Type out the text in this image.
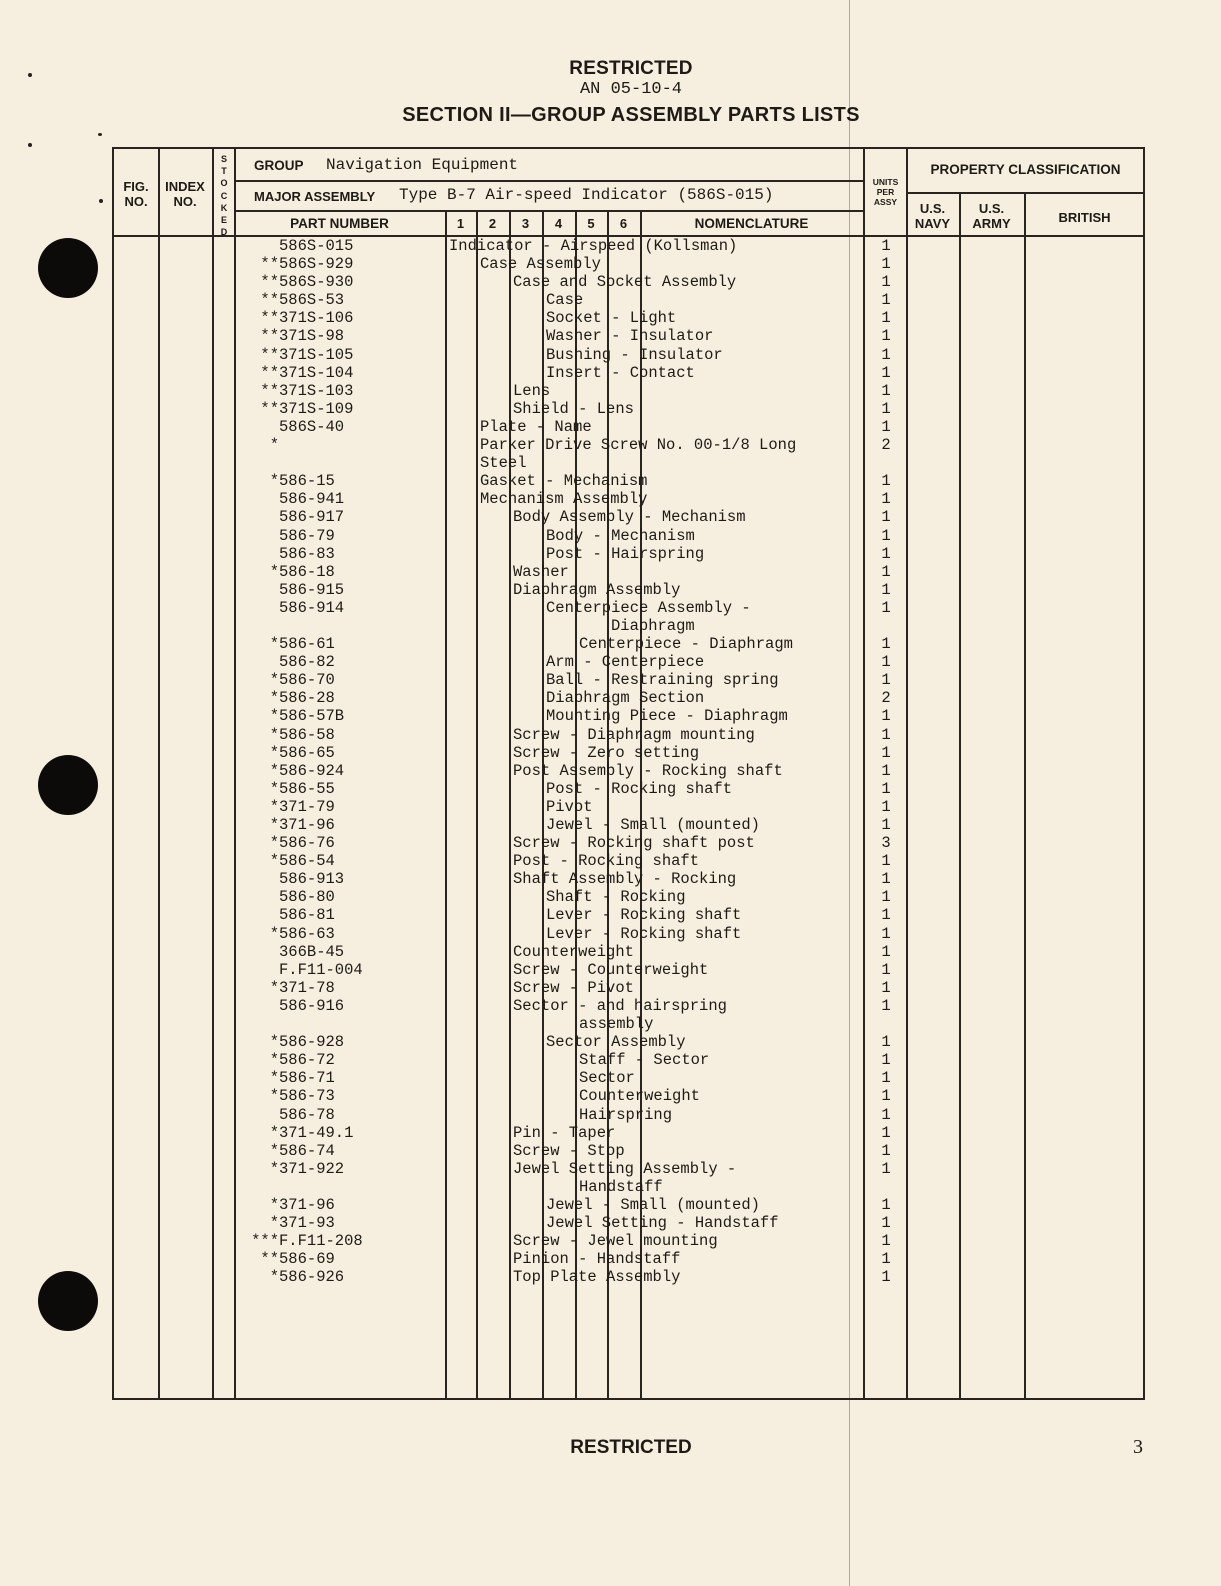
RESTRICTED
AN 05-10-4
SECTION II—GROUP ASSEMBLY PARTS LISTS
FIG. NO.
INDEX NO.
S
T
O
C
K
E
D
GROUP Navigation Equipment
MAJOR ASSEMBLY Type B-7 Air-speed Indicator (586S-015)
PART NUMBER	1	2	3	4	5	6	NOMENCLATURE
UNITS
PER
ASSY
PROPERTY CLASSIFICATION
U.S.
NAVY
U.S.
ARMY	BRITISH
586S-015	Indicator - Airspeed (Kollsman)	1
**586S-929	Case Assembly	1
**586S-930	Case and Socket Assembly	1
**586S-53	Case	1
**371S-106	Socket - Light	1
**371S-98	Washer - Insulator	1
**371S-105	Bushing - Insulator	1
**371S-104	Insert - Contact	1
**371S-103	Lens	1
**371S-109	Shield - Lens	1
586S-40	Plate - Name	1
*	Parker Drive Screw No. 00-1/8 Long	2
Steel
*586-15	Gasket - Mechanism	1
586-941	Mechanism Assembly	1
586-917	Body Assembly - Mechanism	1
586-79	Body - Mechanism	1
586-83	Post - Hairspring	1
*586-18	Washer	1
586-915	Diaphragm Assembly	1
586-914	Centerpiece Assembly -	1
Diaphragm
*586-61	Centerpiece - Diaphragm	1
586-82	Arm - Centerpiece	1
*586-70	Ball - Restraining spring	1
*586-28	Diaphragm Section	2
*586-57B	Mounting Piece - Diaphragm	1
*586-58	Screw - Diaphragm mounting	1
*586-65	Screw - Zero setting	1
*586-924	Post Assembly - Rocking shaft	1
*586-55	Post - Rocking shaft	1
*371-79	Pivot	1
*371-96	Jewel - Small (mounted)	1
*586-76	Screw - Rocking shaft post	3
*586-54	Post - Rocking shaft	1
586-913	Shaft Assembly - Rocking	1
586-80	Shaft - Rocking	1
586-81	Lever - Rocking shaft	1
*586-63	Lever - Rocking shaft	1
366B-45	Counterweight	1
F.F11-004	Screw - Counterweight	1
*371-78	Screw - Pivot	1
586-916	Sector - and hairspring	1
assembly
*586-928	Sector Assembly	1
*586-72	Staff - Sector	1
*586-71	Sector	1
*586-73	Counterweight	1
586-78	Hairspring	1
*371-49.1	Pin - Taper	1
*586-74	Screw - Stop	1
*371-922	Jewel Setting Assembly -	1
Handstaff
*371-96	Jewel - Small (mounted)	1
*371-93	Jewel Setting - Handstaff	1
***F.F11-208	Screw - Jewel mounting	1
**586-69	Pinion - Handstaff	1
*586-926	Top Plate Assembly	1
RESTRICTED	3
